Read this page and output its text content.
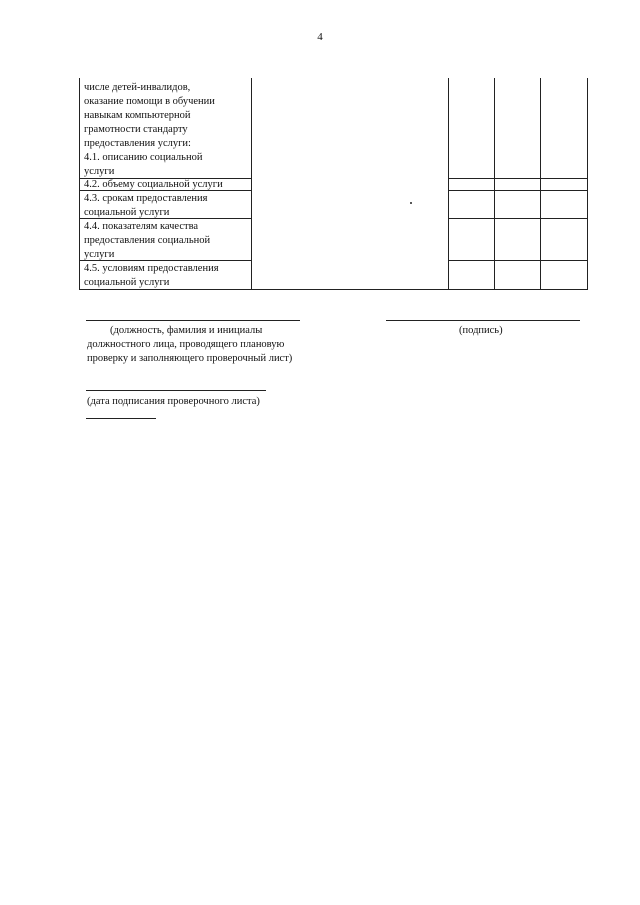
4
числе детей-инвалидов,
оказание помощи в обучении
навыкам компьютерной
грамотности стандарту
предоставления услуги:
4.1. описанию социальной
услуги
4.2. объему социальной услуги
4.3. срокам предоставления
социальной услуги
4.4. показателям качества
предоставления социальной
услуги
4.5. условиям предоставления
социальной услуги
(должность, фамилия и инициалы
должностного лица, проводящего плановую
проверку и заполняющего проверочный лист)
(подпись)
(дата подписания проверочного листа)
